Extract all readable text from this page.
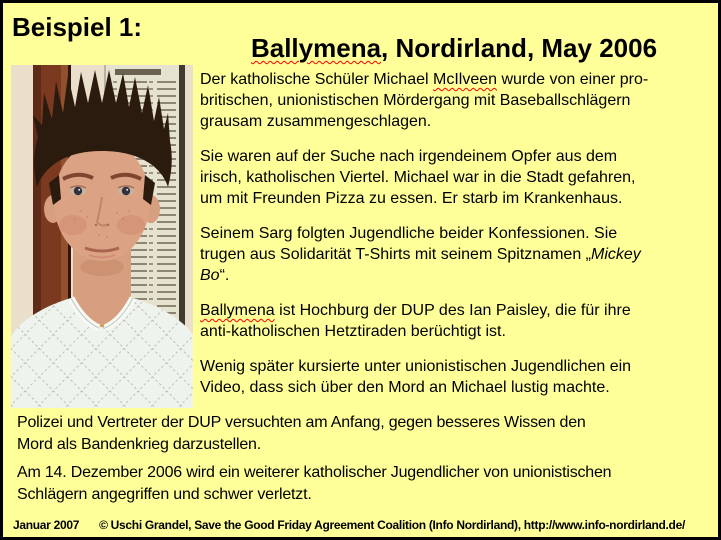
Beispiel 1:
Ballymena, Nordirland, May 2006

Der katholische Schüler Michael McIlveen wurde von einer pro-
britischen, unionistischen Mördergang mit Baseballschlägern
grausam zusammengeschlagen.

Sie waren auf der Suche nach irgendeinem Opfer aus dem
irisch, katholischen Viertel. Michael war in die Stadt gefahren,
um mit Freunden Pizza zu essen. Er starb im Krankenhaus.

Seinem Sarg folgten Jugendliche beider Konfessionen. Sie
trugen aus Solidarität T-Shirts mit seinem Spitznamen „Mickey
Bo“.

Ballymena ist Hochburg der DUP des Ian Paisley, die für ihre
anti-katholischen Hetztiraden berüchtigt ist.

Wenig später kursierte unter unionistischen Jugendlichen ein
Video, dass sich über den Mord an Michael lustig machte.

Polizei und Vertreter der DUP versuchten am Anfang, gegen besseres Wissen den
Mord als Bandenkrieg darzustellen.

Am 14. Dezember 2006 wird ein weiterer katholischer Jugendlicher von unionistischen
Schlägern angegriffen und schwer verletzt.

Januar 2007 © Uschi Grandel, Save the Good Friday Agreement Coalition (Info Nordirland), http://www.info-nordirland.de/
